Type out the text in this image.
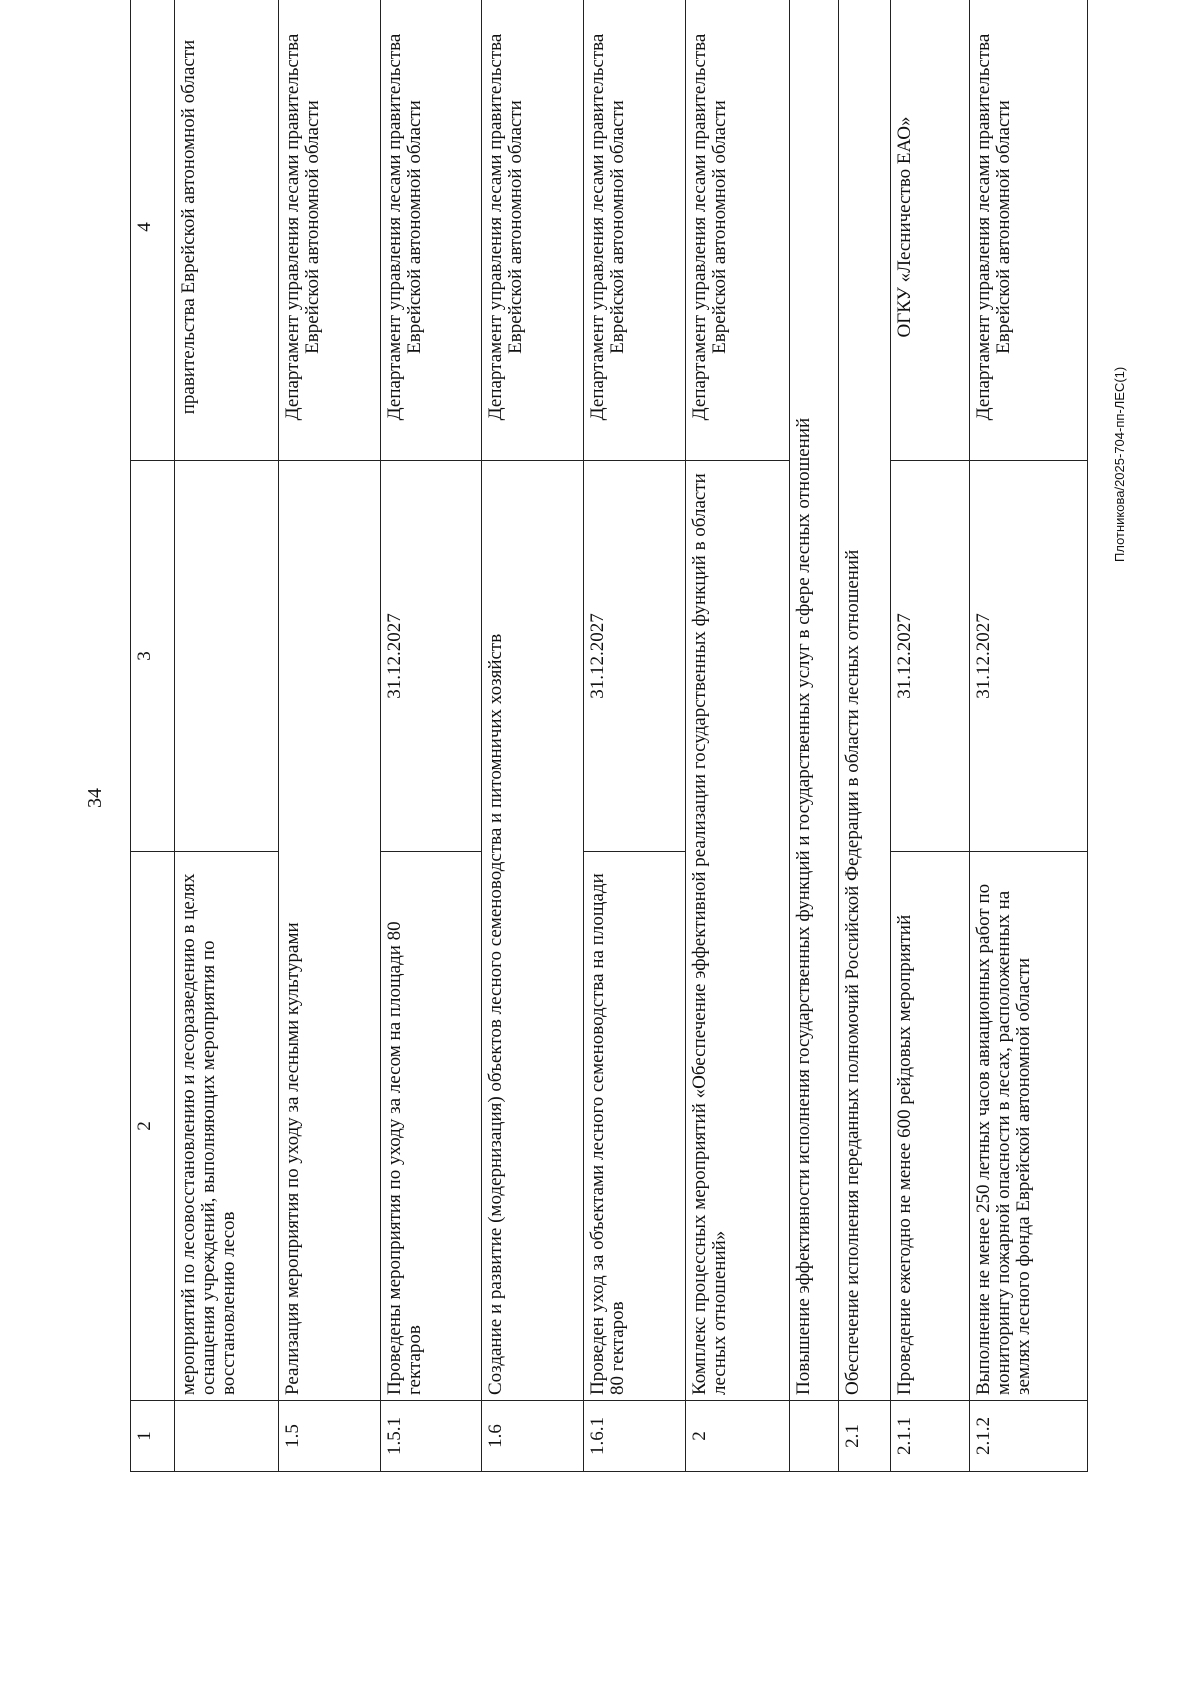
34
Плотникова/2025-704-пп-ЛЕС(1)
1	2	3	4
	мероприятий по лесовосстановлению и лесоразведению в целях оснащения учреждений, выполняющих мероприятия по восстановлению лесов		правительства Еврейской автономной области
1.5	Реализация мероприятия по уходу за лесными культурами		Департамент управления лесами правительства Еврейской автономной области
1.5.1	Проведены мероприятия по уходу за лесом на площади 80 гектаров	31.12.2027	Департамент управления лесами правительства Еврейской автономной области
1.6	Создание и развитие (модернизация) объектов лесного семеноводства и питомничих хозяйств		Департамент управления лесами правительства Еврейской автономной области
1.6.1	Проведен уход за объектами лесного семеноводства на площади 80 гектаров	31.12.2027	Департамент управления лесами правительства Еврейской автономной области
2	Комплекс процессных мероприятий «Обеспечение эффективной реализации государственных функций в области лесных отношений»		Департамент управления лесами правительства Еврейской автономной области
	Повышение эффективности исполнения государственных функций и государственных услуг в сфере лесных отношений		
2.1	Обеспечение исполнения переданных полномочий Российской Федерации в области лесных отношений		
2.1.1	Проведение ежегодно не менее 600 рейдовых мероприятий	31.12.2027	ОГКУ «Лесничество ЕАО»
2.1.2	Выполнение не менее 250 летных часов авиационных работ по мониторингу пожарной опасности в лесах, расположенных на землях лесного фонда Еврейской автономной области	31.12.2027	Департамент управления лесами правительства Еврейской автономной области
